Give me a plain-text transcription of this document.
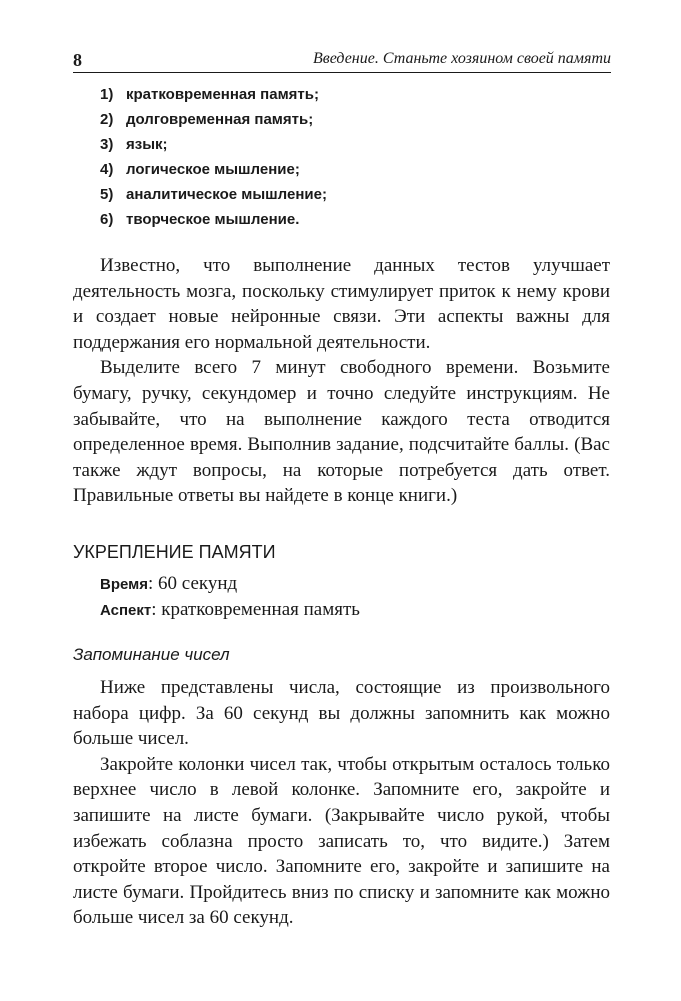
8	Введение. Станьте хозяином своей памяти
1) кратковременная память;
2) долговременная память;
3) язык;
4) логическое мышление;
5) аналитическое мышление;
6) творческое мышление.

Известно, что выполнение данных тестов улучшает деятельность мозга, поскольку стимулирует приток к нему крови и создает новые нейронные связи. Эти аспекты важны для поддержания его нормальной деятельности.

Выделите всего 7 минут свободного времени. Возьмите бумагу, ручку, секундомер и точно следуйте инструкциям. Не забывайте, что на выполнение каждого теста отводится определенное время. Выполнив задание, подсчитайте баллы. (Вас также ждут вопросы, на которые потребуется дать ответ. Правильные ответы вы найдете в конце книги.)

УКРЕПЛЕНИЕ ПАМЯТИ
Время: 60 секунд
Аспект: кратковременная память
Запоминание чисел

Ниже представлены числа, состоящие из произвольного набора цифр. За 60 секунд вы должны запомнить как можно больше чисел.

Закройте колонки чисел так, чтобы открытым осталось только верхнее число в левой колонке. Запомните его, закройте и запишите на листе бумаги. (Закрывайте число рукой, чтобы избежать соблазна просто записать то, что видите.) Затем откройте второе число. Запомните его, закройте и запишите на листе бумаги. Пройдитесь вниз по списку и запомните как можно больше чисел за 60 секунд.
